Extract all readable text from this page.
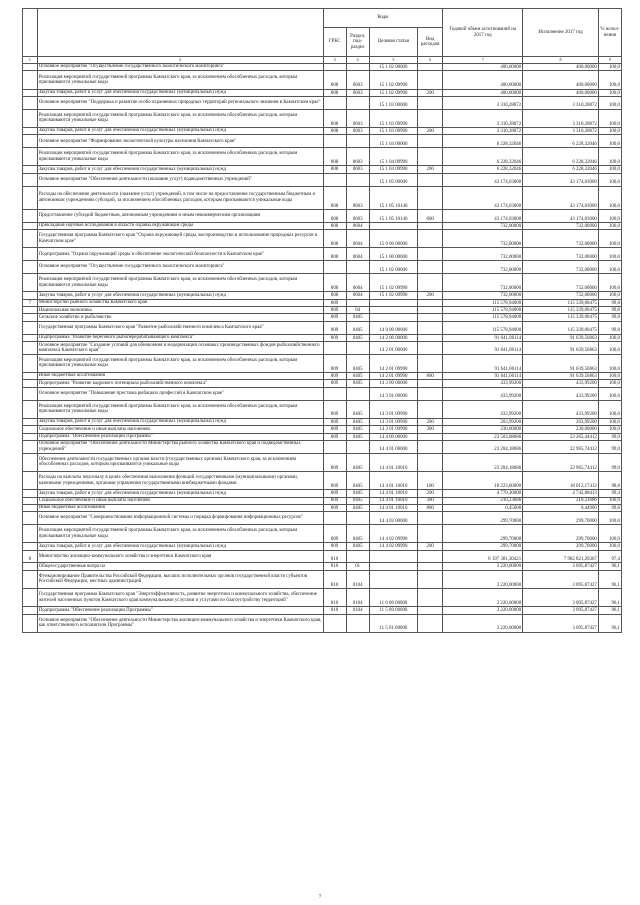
		Коды				Годовой объем ассигнований на 2017 год	Исполнение 2017 год	% испол- нения
		ГРБС	Раздел, под- раздел	Целевая статья	Вид расходов			
1	2	3	4	5	6	7	8	9
	Основное мероприятие "Осуществление государственного экологического мониторинга"			15 1 02 00000		400,00000	400,00000	100,0
	Реализация мероприятий государственной программы Камчатского края, за исключением обособленных расходов, которым присваиваются уникальные коды	808	0603	15 1 02 09990		400,00000	400,00000	100,0
	Закупка товаров, работ и услуг для обеспечения государственных (муниципальных) нужд	808	0603	15 1 02 09990	200	400,00000	400,00000	100,0
	Основное мероприятие "Поддержка и развитие особо охраняемых природных территорий регионального значения в Камчатском крае"			15 1 03 00000		3 310,28872	3 310,28872	100,0
	Реализация мероприятий государственной программы Камчатского края, за исключением обособленных расходов, которым присваиваются уникальные коды	808	0603	15 1 03 09990		3 310,28872	3 310,28872	100,0
	Закупка товаров, работ и услуг для обеспечения государственных (муниципальных) нужд	808	0603	15 1 03 09990	200	3 310,28872	3 310,28872	100,0
	Основное мероприятие "Формирование экологической культуры населения Камчатского края"			15 1 04 00000		6 228,32046	6 228,32046	100,0
	Реализация мероприятий государственной программы Камчатского края, за исключением обособленных расходов, которым присваиваются уникальные коды	808	0603	15 1 04 09990		6 228,32046	6 228,32046	100,0
	Закупка товаров, работ и услуг для обеспечения государственных (муниципальных) нужд	808	0603	15 1 04 09990	200	6 228,32046	6 228,32046	100,0
	Основное мероприятие "Обеспечение деятельности (оказание услуг) подведомственных учреждений"			15 1 05 00000		43 174,03000	43 174,03000	100,0
	Расходы на обеспечение деятельности (оказание услуг) учреждений, в том числе на предоставление государственным бюджетным и автономным учреждениям субсидий, за исключением обособленных расходов, которым присваиваются уникальные коды	808	0603	15 1 05 10140		43 174,03000	43 174,03000	100,0
	Предоставление субсидий бюджетным, автономным учреждениям и иным некоммерческим организациям	808	0603	15 1 05 10140	600	43 174,03000	43 174,03000	100,0
	Прикладные научные исследования в области охраны окружающей среды	808	0604			732,00000	732,00000	100,0
	Государственная программа Камчатского края "Охрана окружающей среды, воспроизводство и использование природных ресурсов в Камчатском крае"	808	0604	15 0 00 00000		732,00000	732,00000	100,0
	Подпрограмма "Охрана окружающей среды и обеспечение экологической безопасности в Камчатском крае"	808	0604	15 1 00 00000		732,00000	732,00000	100,0
	Основное мероприятие "Осуществление государственного экологического мониторинга"			15 1 02 00000		732,00000	732,00000	100,0
	Реализация мероприятий государственной программы Камчатского края, за исключением обособленных расходов, которым присваиваются уникальные коды	808	0604	15 1 02 09990		732,00000	732,00000	100,0
	Закупка товаров, работ и услуг для обеспечения государственных (муниципальных) нужд	808	0604	15 1 02 09990	200	732,00000	732,00000	100,0
7	Министерство рыбного хозяйства Камчатского края	809				115 578,94000	115 339,00475	99,8
	Национальная экономика	809	04			115 578,94000	115 339,00475	99,8
	Сельское хозяйство и рыболовство	809	0405			115 578,94000	115 339,00475	99,8
	Государственная программа Камчатского края "Развитие рыбохозяйственного комплекса Камчатского края"	809	0405	14 0 00 00000		115 578,94000	115 339,00475	99,8
	Подпрограмма "Развитие берегового рыбоперерабатывающего комплекса"	809	0405	14 2 00 00000		91 641,06114	91 639,56863	100,0
	Основное мероприятие "Создание условий для обновления и модернизации основных производственных фондов рыбохозяйственного комплекса Камчатского края"			14 2 01 00000		91 641,06114	91 639,56863	100,0
	Реализация мероприятий государственной программы Камчатского края, за исключением обособленных расходов, которым присваиваются уникальные коды	809	0405	14 2 01 09990		91 641,06114	91 639,56863	100,0
	Иные бюджетные ассигнования	809	0405	14 2 01 09990	800	91 641,06114	91 639,56863	100,0
	Подпрограмма "Развитие кадрового потенциала рыбохозяйственного комплекса"	809	0405	14 3 00 00000		433,99200	433,99200	100,0
	Основное мероприятие "Повышение престижа рыбацких профессий в Камчатском крае"			14 3 01 00000		433,99200	433,99200	100,0
	Реализация мероприятий государственной программы Камчатского края, за исключением обособленных расходов, которым присваиваются уникальные коды	809	0405	14 3 01 09990		433,99200	433,99200	100,0
	Закупка товаров, работ и услуг для обеспечения государственных (муниципальных) нужд	809	0405	14 3 01 09990	200	203,99200	203,99200	100,0
	Социальное обеспечение и иные выплаты населению	809	0405	14 3 01 09990	300	230,00000	230,00000	100,0
	Подпрограмма "Обеспечение реализации Программы"	809	0405	14 4 00 00000		23 503,88686	23 265,44412	99,0
	Основное мероприятие "Обеспечение деятельности Министерства рыбного хозяйства Камчатского края и подведомственных учреждений"			14 4 01 00000		23 204,18686	22 965,74412	99,0
	Обеспечение деятельности государственных органов власти (государственных органов) Камчатского края, за исключением обособленных расходов, которым присваиваются уникальные коды	809	0405	14 4 01 10010		23 204,18686	22 965,74412	99,0
	Расходы на выплаты персоналу в целях обеспечения выполнения функций государственными (муниципальными) органами, казенными учреждениями, органами управления государственными внебюджетными фондами	809	0405	14 4 01 10010	100	18 223,60000	18 012,17412	98,8
	Закупка товаров, работ и услуг для обеспечения государственных (муниципальных) нужд	809	0405	14 4 01 10010	200	4 770,30000	4 742,88413	99,4
	Социальное обеспечение и иные выплаты населению	809	0405	14 4 01 10010	300	210,23686	210,23686	100,0
	Иные бюджетные ассигнования	809	0405	14 4 01 10010	800	0,45000	0,44900	99,8
	Основное мероприятие "Совершенствование информационной системы и порядка формирования информационных ресурсов"			14 4 02 00000		299,70000	299,70000	100,0
	Реализация мероприятий государственной программы Камчатского края, за исключением обособленных расходов, которым присваиваются уникальные коды	809	0405	14 4 02 09990		299,70000	299,70000	100,0
	Закупка товаров, работ и услуг для обеспечения государственных (муниципальных) нужд	809	0405	14 4 02 09990	200	299,70000	299,70000	100,0
8	Министерство жилищно-коммунального хозяйства и энергетики Камчатского края	810				8 197 381,30421	7 982 821,20367	97,4
	Общегосударственные вопросы	810	01			3 220,00000	3 095,87427	96,1
	Функционирование Правительства Российской Федерации, высших исполнительных органов государственной власти субъектов Российской Федерации, местных администраций	810	0104			3 220,00000	3 095,87427	96,1
	Государственная программа Камчатского края "Энергоэффективность, развитие энергетики и коммунального хозяйства, обеспечение жителей населенных пунктов Камчатского края коммунальными услугами и услугами по благоустройству территорий"	810	0104	11 0 00 00000		3 220,00000	3 095,87427	96,1
	Подпрограмма "Обеспечение реализации Программы"	810	0104	11 5 00 00000		3 220,00000	3 095,87427	96,1
	Основное мероприятие "Обеспечение деятельности Министерства жилищно-коммунального хозяйства и энергетики Камчатского края, как ответственного исполнителя Программы"			11 5 01 00000		3 220,00000	3 095,87427	96,1
7
